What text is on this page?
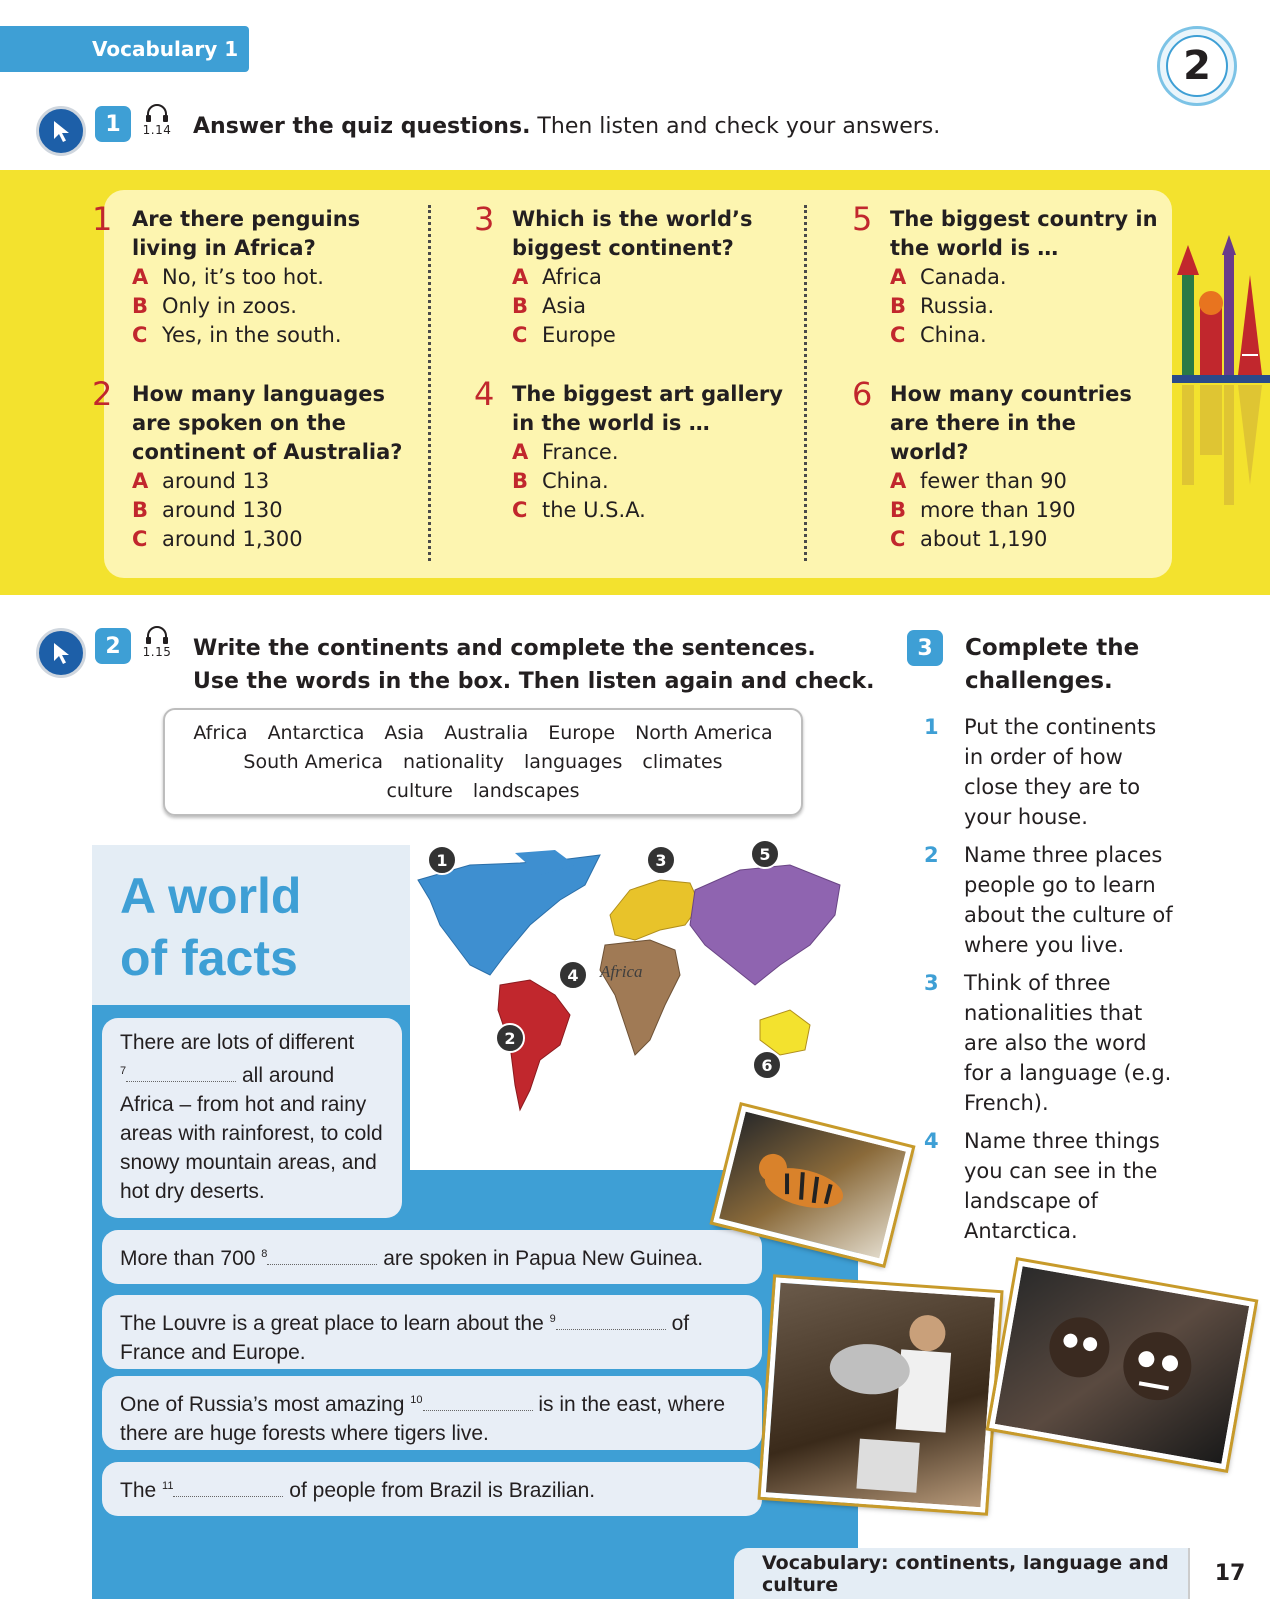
Vocabulary 1	2
1	1.14 Answer the quiz questions. Then listen and check your answers.
1 Are there penguins living in Africa?
A No, it’s too hot.
B Only in zoos.
C Yes, in the south.
2 How many languages are spoken on the continent of Australia?
A around 13
B around 130
C around 1,300
3 Which is the world’s biggest continent?
A Africa
B Asia
C Europe
4 The biggest art gallery in the world is …
A France.
B China.
C the U.S.A.
5 The biggest country in the world is …
A Canada.
B Russia.
C China.
6 How many countries are there in the world?
A fewer than 90
B more than 190
C about 1,190
2	1.15 Write the continents and complete the sentences.
Use the words in the box. Then listen again and check.
Africa Antarctica Asia Australia Europe North America
South America nationality languages climates
culture landscapes
A world
of facts	Africa
1
2
3
4
5
6
There are lots of different
$^7$	all around Africa – from hot and rainy areas with rainforest, to cold snowy mountain areas, and hot dry deserts.
More than 700 $^8$	are spoken in Papua New Guinea.
The Louvre is a great place to learn about the $^9$	of France and Europe.
One of Russia’s most amazing $^{10}$	is in the east, where there are huge forests where tigers live.
The $^{11}$	of people from Brazil is Brazilian.
3	Complete the
challenges.
1	Put the continents in order of how close they are to your house.
2	Name three places people go to learn about the culture of where you live.
3	Think of three nationalities that are also the word for a language (e.g. French).
4	Name three things you can see in the landscape of Antarctica.
Vocabulary: continents, language and culture	17
